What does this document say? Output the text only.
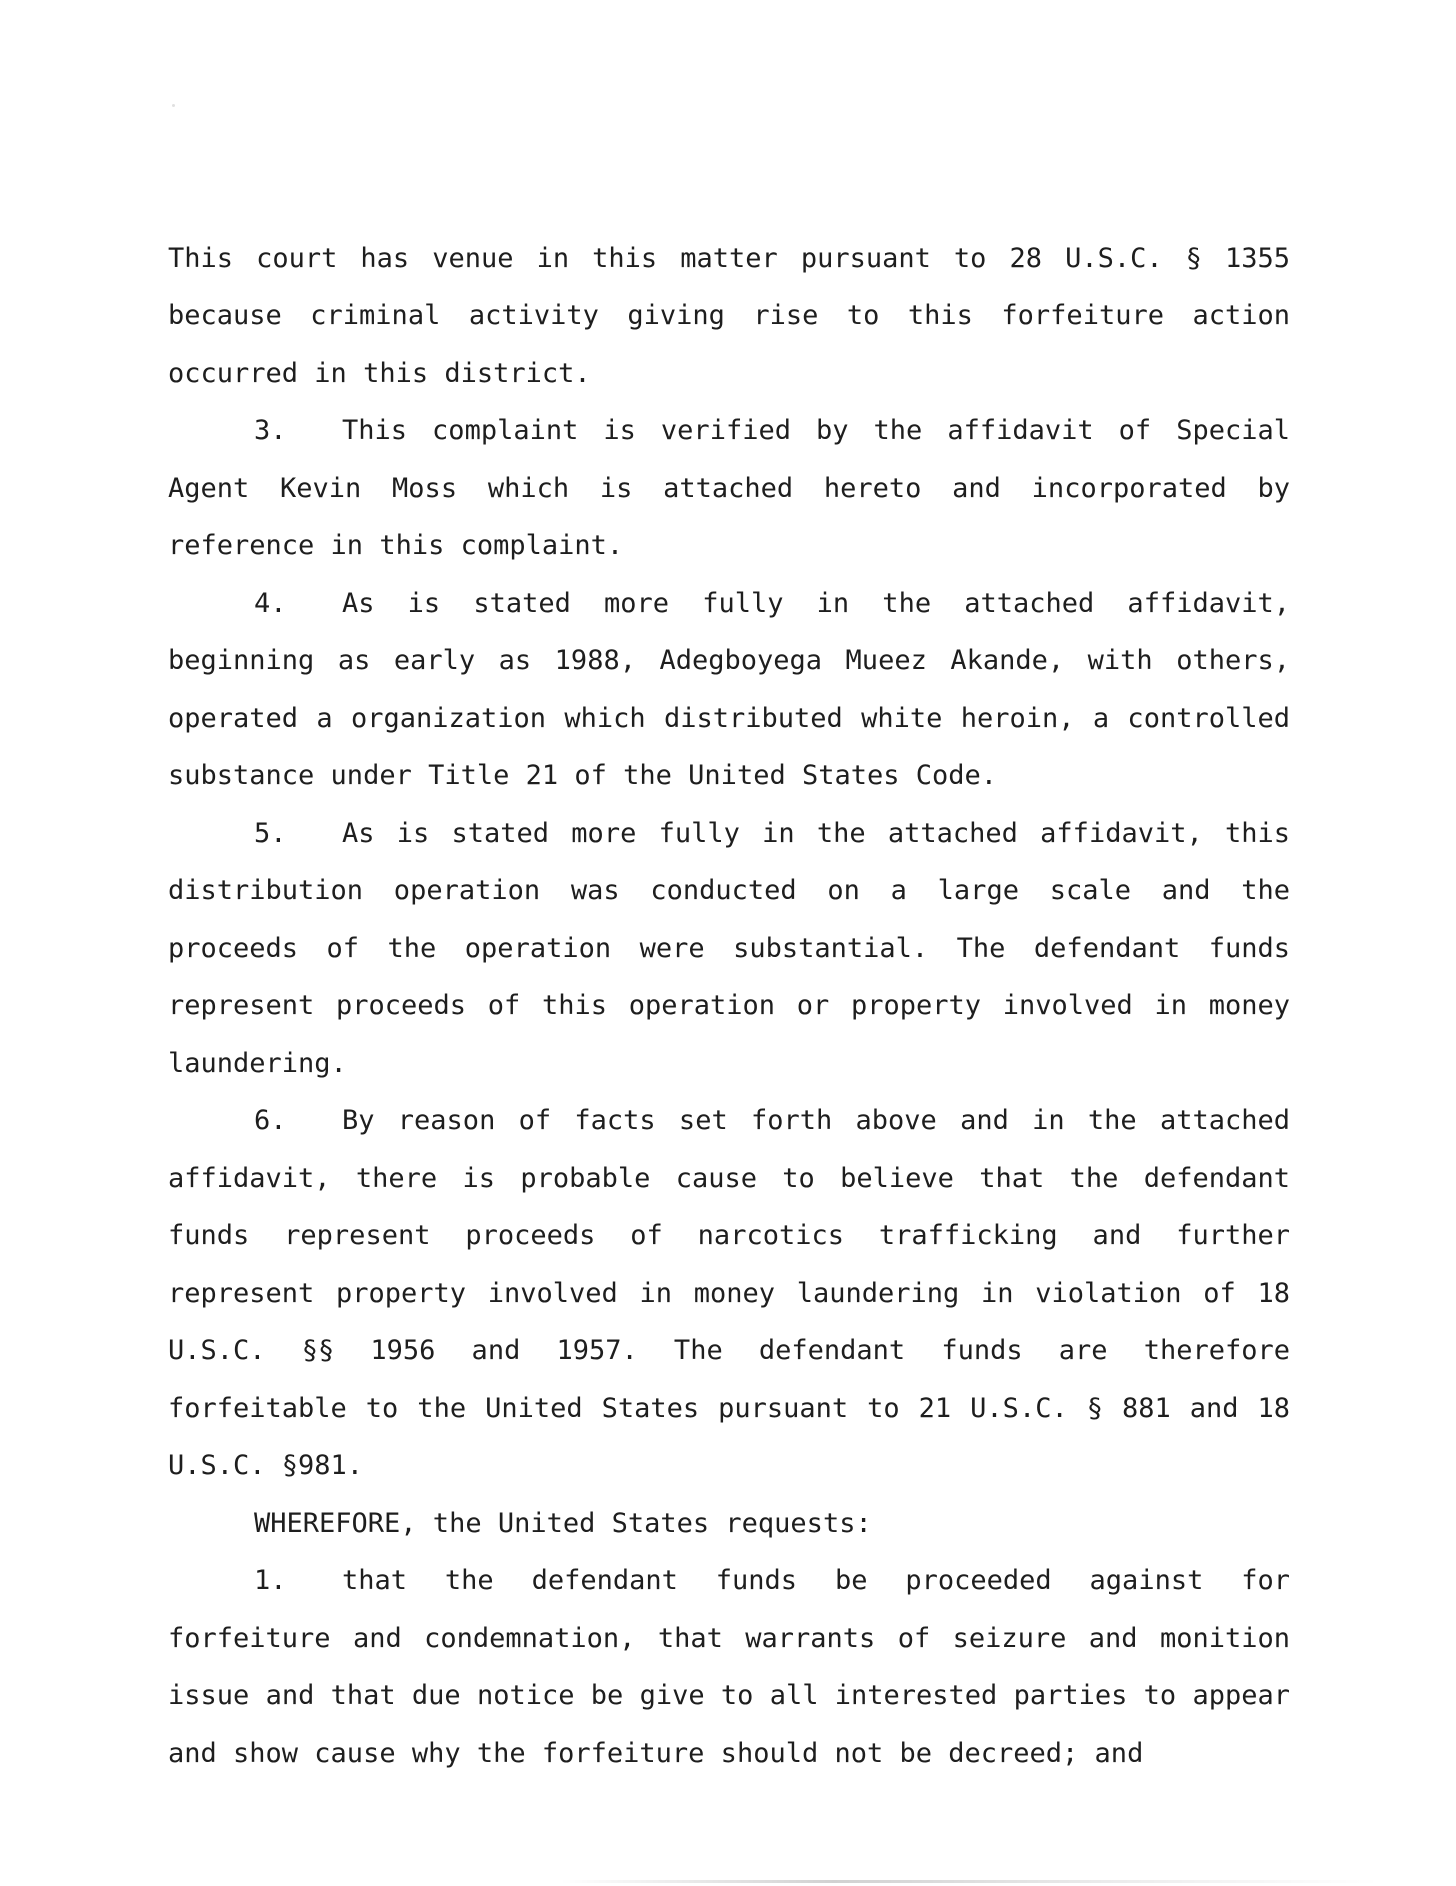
This court has venue in this matter pursuant to 28 U.S.C. § 1355 because criminal activity giving rise to this forfeiture action occurred in this district.

3. This complaint is verified by the affidavit of Special Agent Kevin Moss which is attached hereto and incorporated by reference in this complaint.

4. As is stated more fully in the attached affidavit, beginning as early as 1988, Adegboyega Mueez Akande, with others, operated a organization which distributed white heroin, a controlled substance under Title 21 of the United States Code.

5. As is stated more fully in the attached affidavit, this distribution operation was conducted on a large scale and the proceeds of the operation were substantial. The defendant funds represent proceeds of this operation or property involved in money laundering.

6. By reason of facts set forth above and in the attached affidavit, there is probable cause to believe that the defendant funds represent proceeds of narcotics trafficking and further represent property involved in money laundering in violation of 18 U.S.C. §§ 1956 and 1957. The defendant funds are therefore forfeitable to the United States pursuant to 21 U.S.C. § 881 and 18 U.S.C. §981.

WHEREFORE, the United States requests:

1. that the defendant funds be proceeded against for forfeiture and condemnation, that warrants of seizure and monition issue and that due notice be give to all interested parties to appear and show cause why the forfeiture should not be decreed; and
